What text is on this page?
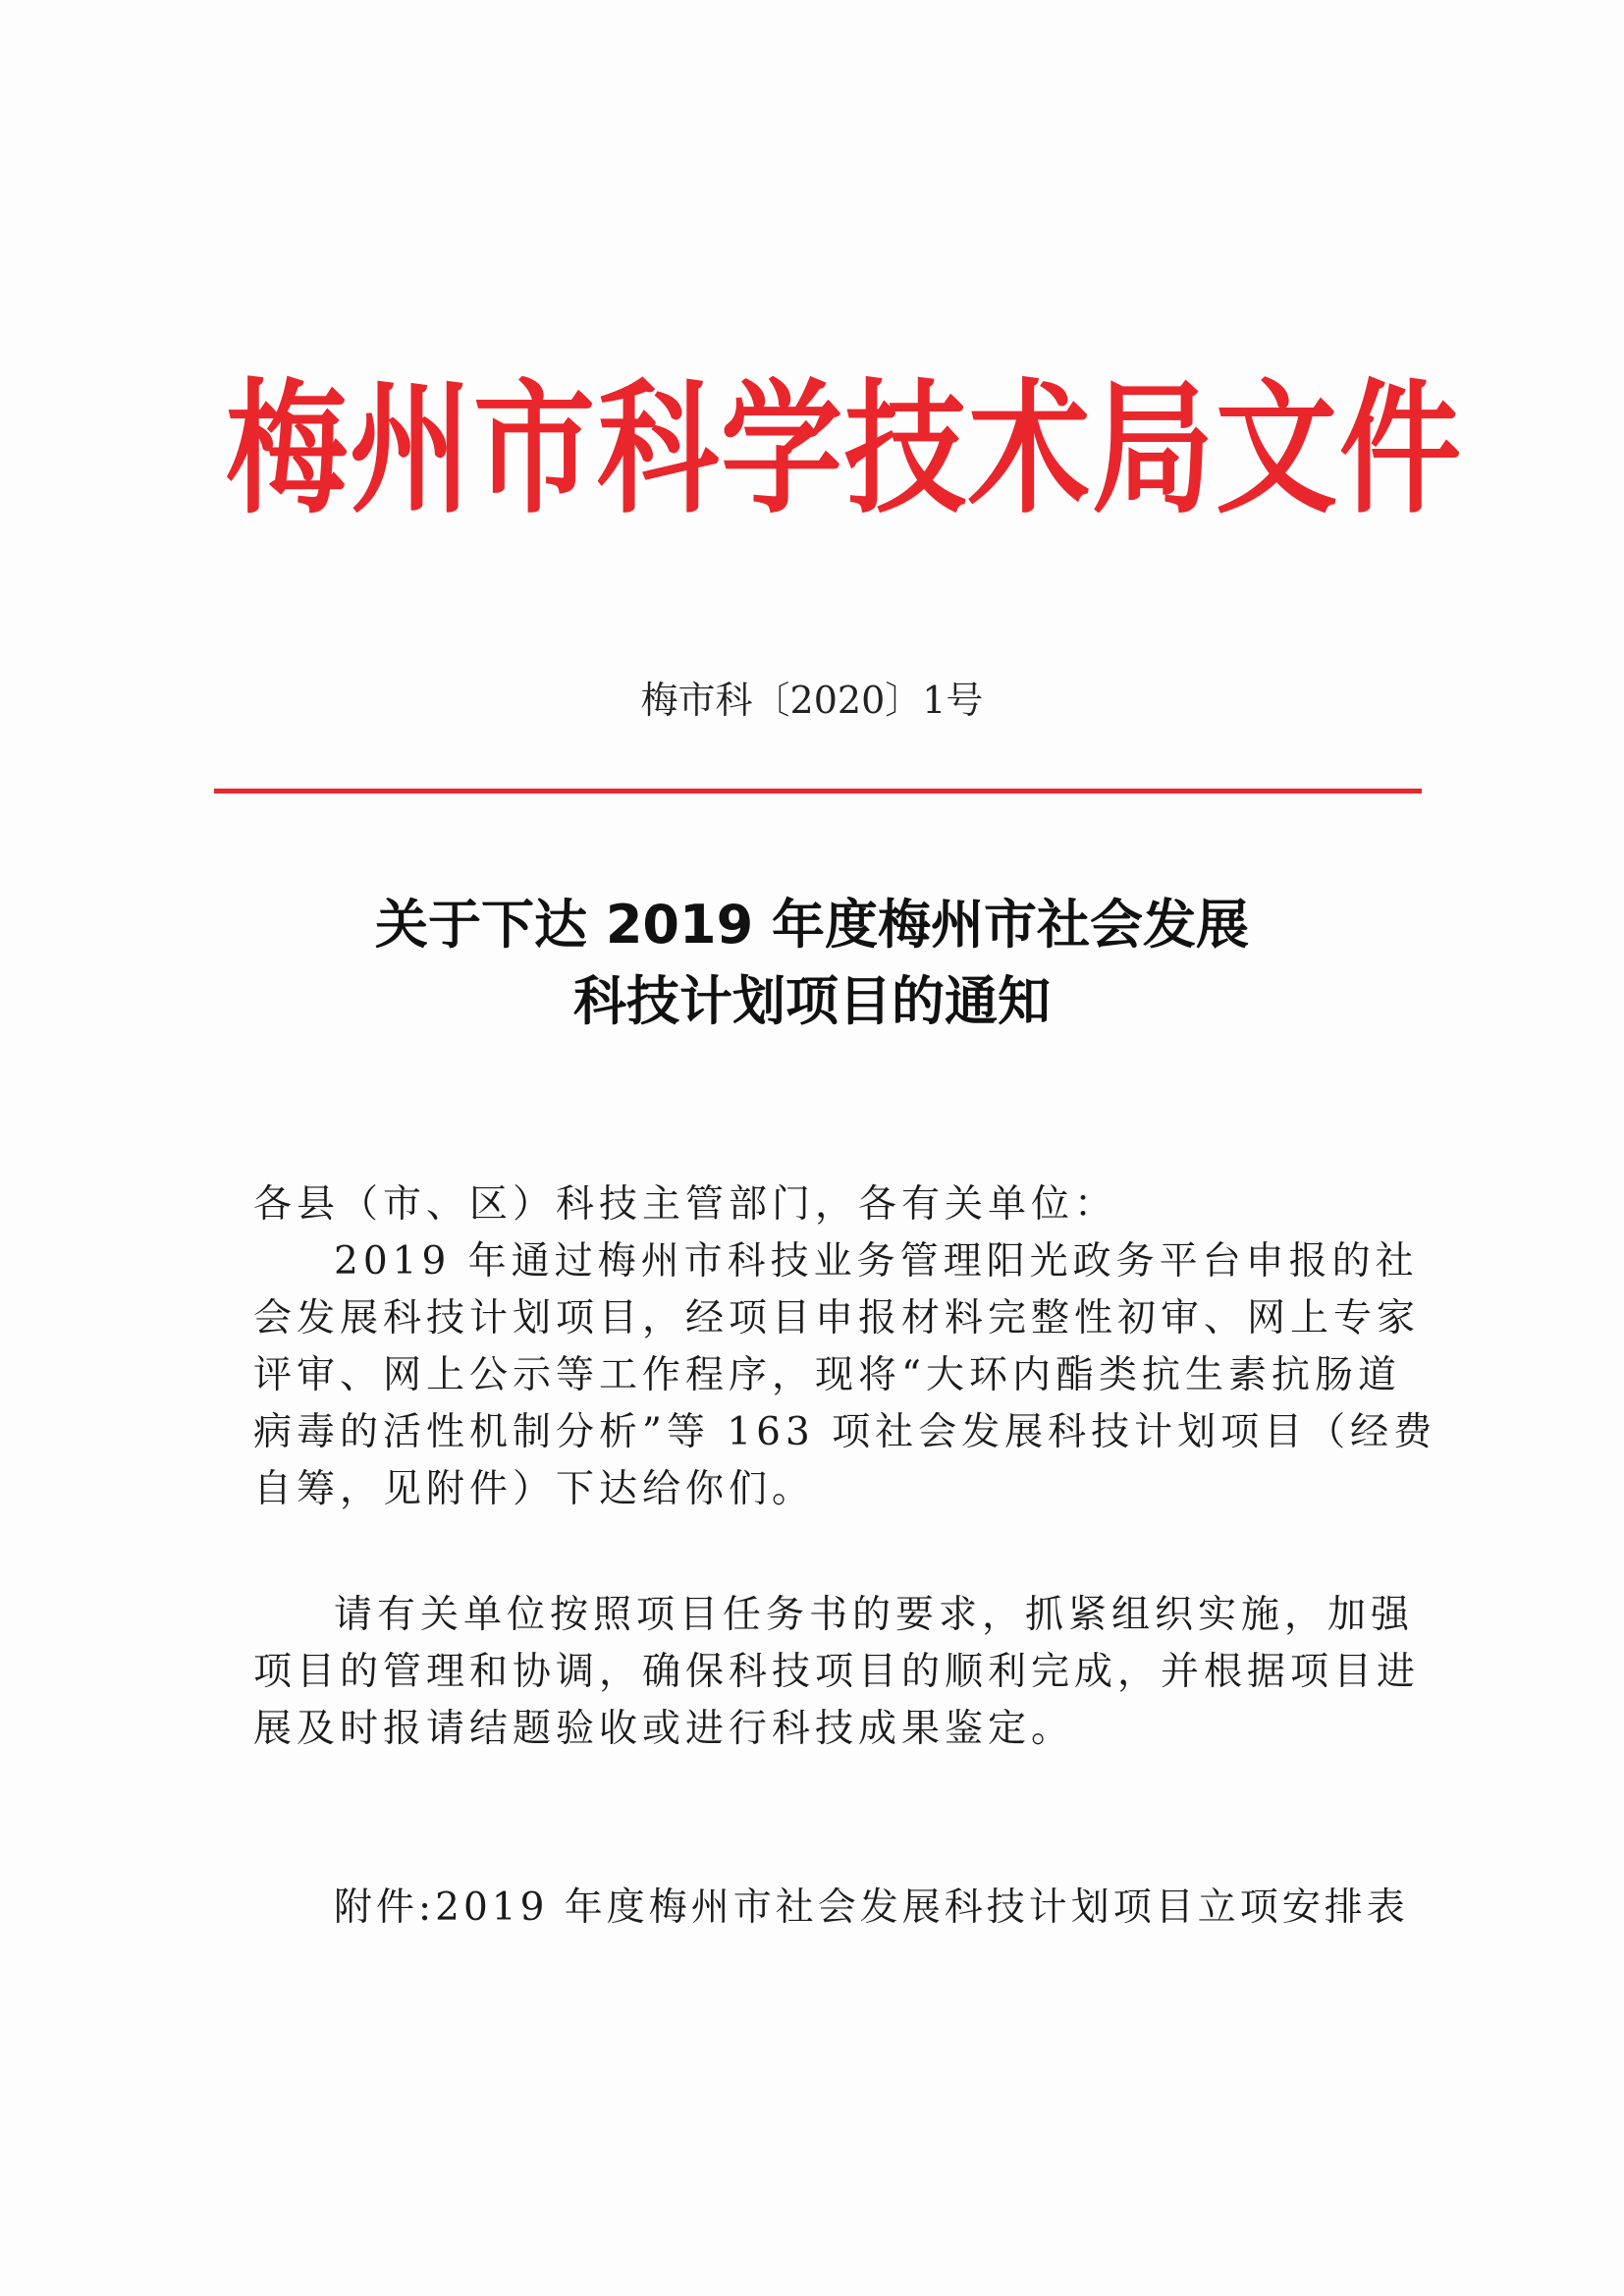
梅州市科学技术局文件
梅市科〔2020〕1号
关于下达 2019 年度梅州市社会发展
科技计划项目的通知
各县（市、区）科技主管部门，各有关单位：
2019 年通过梅州市科技业务管理阳光政务平台申报的社
会发展科技计划项目，经项目申报材料完整性初审、网上专家
评审、网上公示等工作程序，现将“大环内酯类抗生素抗肠道
病毒的活性机制分析”等 163 项社会发展科技计划项目（经费
自筹，见附件）下达给你们。
请有关单位按照项目任务书的要求，抓紧组织实施，加强
项目的管理和协调，确保科技项目的顺利完成，并根据项目进
展及时报请结题验收或进行科技成果鉴定。
附件:2019 年度梅州市社会发展科技计划项目立项安排表
